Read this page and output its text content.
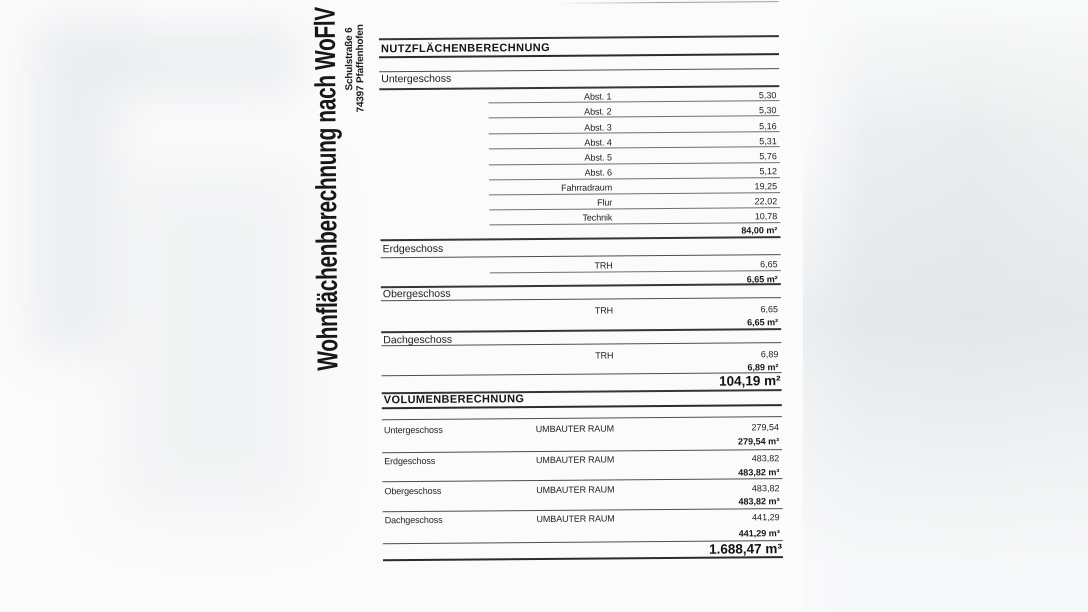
Wohnflächenberechnung nach WoFlV Schulstraße 6 74397 Pfaffenhofen NUTZFLÄCHENBERECHNUNG
Untergeschoss
Abst. 1	5,30
Abst. 2	5,30
Abst. 3	5,16
Abst. 4	5,31
Abst. 5	5,76
Abst. 6	5,12
Fahrradraum	19,25
Flur	22,02
Technik	10,78
84,00 m²
Erdgeschoss
TRH	6,65
6,65 m²
Obergeschoss
TRH	6,65
6,65 m²
Dachgeschoss
TRH	6,89
6,89 m²
104,19 m²
VOLUMENBERECHNUNG
Untergeschoss	UMBAUTER RAUM	279,54
279,54 m³
Erdgeschoss	UMBAUTER RAUM	483,82
483,82 m³
Obergeschoss	UMBAUTER RAUM	483,82
483,82 m³
Dachgeschoss	UMBAUTER RAUM	441,29
441,29 m³
1.688,47 m³
